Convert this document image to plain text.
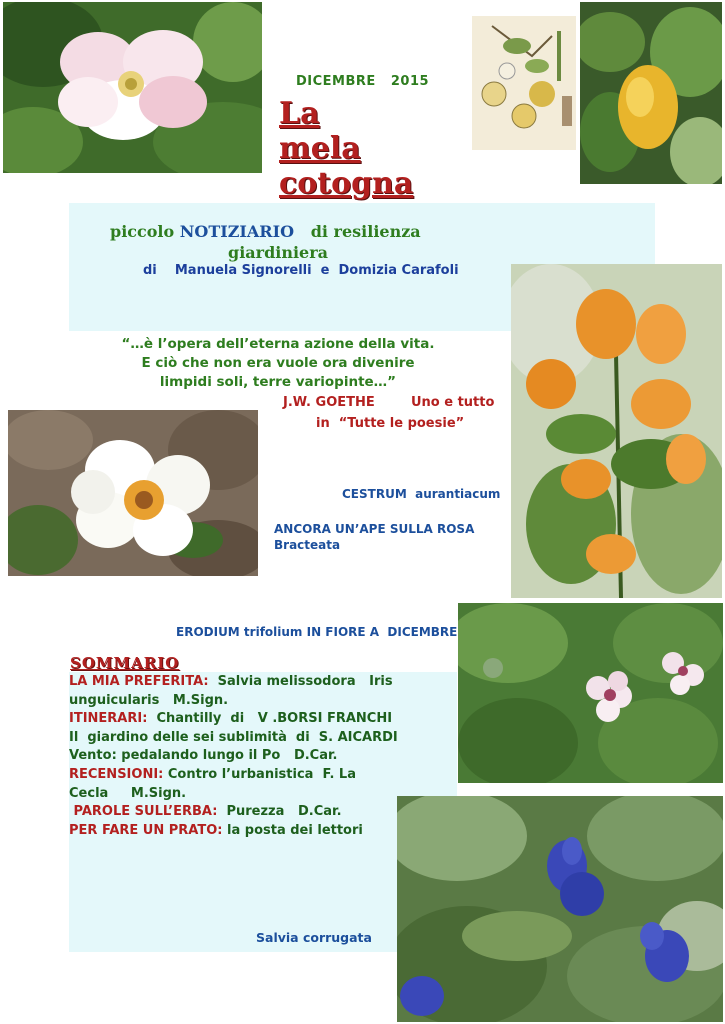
DICEMBRE   2015
La
mela
cotogna
piccolo NOTIZIARIO   di resilienza
giardiniera
di    Manuela Signorelli  e  Domizia Carafoli
“…è l’opera dell’eterna azione della vita.
E ciò che non era vuole ora divenire
limpidi soli, terre variopinte…”
J.W. GOETHE        Uno e tutto
in  “Tutte le poesie”
CESTRUM  aurantiacum
ANCORA UN’APE SULLA ROSA
Bracteata
ERODIUM trifolium IN FIORE A  DICEMBRE
SOMMARIO
LA MIA PREFERITA:  Salvia melissodora   Iris
unguicularis   M.Sign.
ITINERARI:  Chantilly  di   V .BORSI FRANCHI
Il  giardino delle sei sublimità  di  S. AICARDI
Vento: pedalando lungo il Po   D.Car.
RECENSIONI: Contro l’urbanistica  F. La
Cecla     M.Sign.
PAROLE SULL’ERBA:  Purezza   D.Car.
PER FARE UN PRATO: la posta dei lettori
Salvia corrugata
